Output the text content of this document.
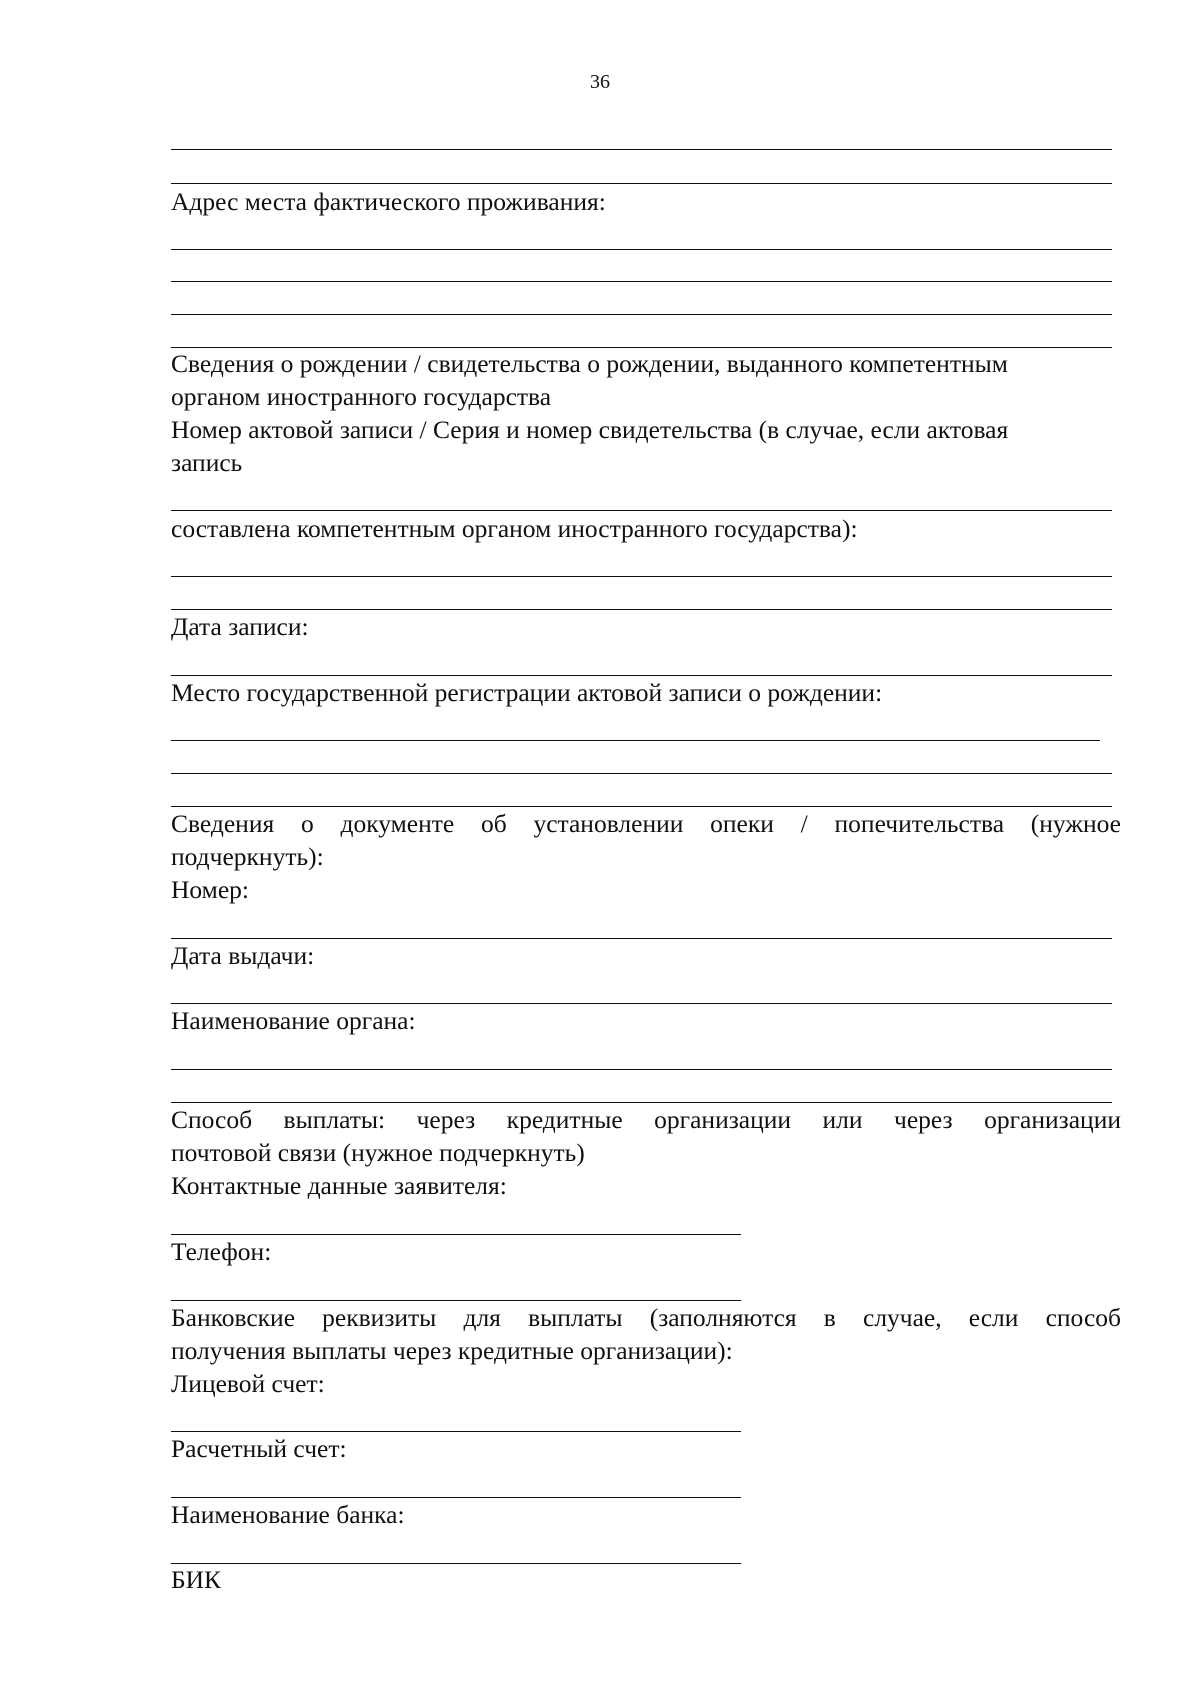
36
Адрес места фактического проживания:
Сведения о рождении / свидетельства о рождении, выданного компетентным
органом иностранного государства
Номер актовой записи / Серия и номер свидетельства (в случае, если актовая
запись
составлена компетентным органом иностранного государства):
Дата записи:
Место государственной регистрации актовой записи о рождении:
Сведения о документе об установлении опеки / попечительства (нужное
подчеркнуть):
Номер:
Дата выдачи:
Наименование органа:
Способ выплаты: через кредитные организации или через организации
почтовой связи (нужное подчеркнуть)
Контактные данные заявителя:
Телефон:
Банковские реквизиты для выплаты (заполняются в случае, если способ
получения выплаты через кредитные организации):
Лицевой счет:
Расчетный счет:
Наименование банка:
БИК
